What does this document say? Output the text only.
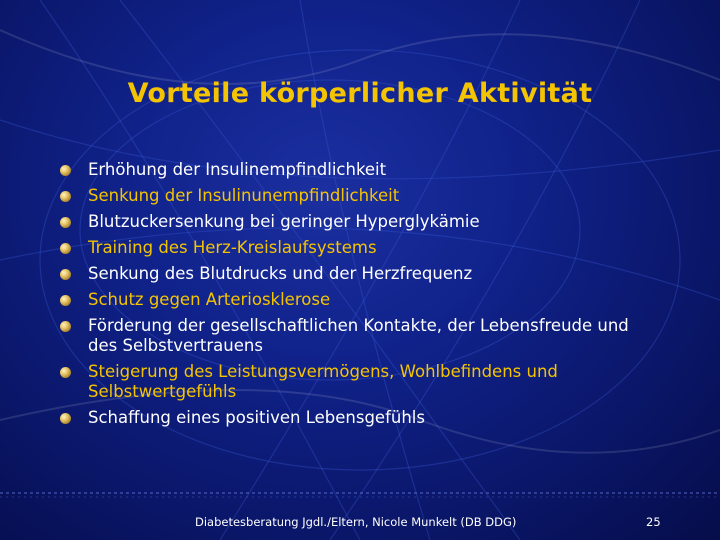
Vorteile körperlicher Aktivität
Erhöhung der Insulinempfindlichkeit
Senkung der Insulinunempfindlichkeit
Blutzuckersenkung bei geringer Hyperglykämie
Training des Herz-Kreislaufsystems
Senkung des Blutdrucks und der Herzfrequenz
Schutz gegen Arteriosklerose
Förderung der gesellschaftlichen Kontakte, der Lebensfreude und des Selbstvertrauens
Steigerung des Leistungsvermögens, Wohlbefindens und Selbstwertgefühls
Schaffung eines positiven Lebensgefühls
Diabetesberatung Jgdl./Eltern, Nicole Munkelt (DB DDG)	25
